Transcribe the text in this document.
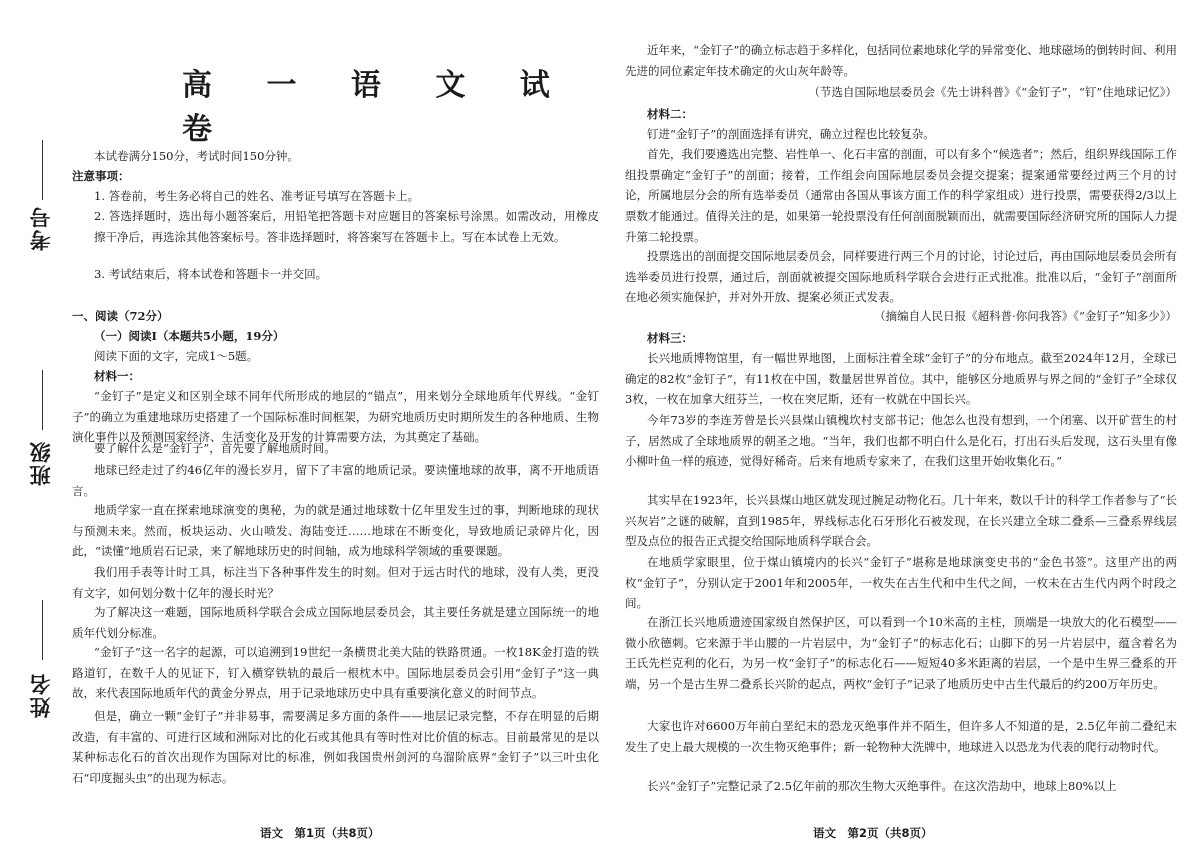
考号
班级
姓名
高 一 语 文 试 卷

本试卷满分150分，考试时间150分钟。

注意事项：

1. 答卷前，考生务必将自己的姓名、准考证号填写在答题卡上。

2. 答选择题时，选出每小题答案后，用铅笔把答题卡对应题目的答案标号涂黑。如需改动，用橡皮擦干净后，再选涂其他答案标号。答非选择题时，将答案写在答题卡上。写在本试卷上无效。

3. 考试结束后，将本试卷和答题卡一并交回。

一、阅读（72分）

（一）阅读Ⅰ（本题共5小题，19分）

阅读下面的文字，完成1～5题。

材料一：

“金钉子”是定义和区别全球不同年代所形成的地层的“锚点”，用来划分全球地质年代界线。“金钉子”的确立为重建地球历史搭建了一个国际标准时间框架，为研究地质历史时期所发生的各种地质、生物演化事件以及预测国家经济、生活变化及开发的计算需要方法，为其奠定了基础。

要了解什么是“金钉子”，首先要了解地质时间。

地球已经走过了约46亿年的漫长岁月，留下了丰富的地质记录。要读懂地球的故事，离不开地质语言。

地质学家一直在探索地球演变的奥秘，为的就是通过地球数十亿年里发生过的事，判断地球的现状与预测未来。然而，板块运动、火山喷发、海陆变迁……地球在不断变化，导致地质记录碎片化，因此，“读懂”地质岩石记录，来了解地球历史的时间轴，成为地球科学领域的重要课题。

我们用手表等计时工具，标注当下各种事件发生的时刻。但对于远古时代的地球，没有人类，更没有文字，如何划分数十亿年的漫长时光？

为了解决这一难题，国际地质科学联合会成立国际地层委员会，其主要任务就是建立国际统一的地质年代划分标准。

“金钉子”这一名字的起源，可以追溯到19世纪一条横贯北美大陆的铁路贯通。一枚18K金打造的铁路道钉，在数千人的见证下，钉入横穿铁轨的最后一根枕木中。国际地层委员会引用“金钉子”这一典故，来代表国际地质年代的黄金分界点，用于记录地球历史中具有重要演化意义的时间节点。

但是，确立一颗“金钉子”并非易事，需要满足多方面的条件——地层记录完整，不存在明显的后期改造，有丰富的、可进行区域和洲际对比的化石或其他具有等时性对比价值的标志。目前最常见的是以某种标志化石的首次出现作为国际对比的标准，例如我国贵州剑河的乌溜阶底界“金钉子”以三叶虫化石“印度掘头虫”的出现为标志。

语文　第1页（共8页）

近年来，“金钉子”的确立标志趋于多样化，包括同位素地球化学的异常变化、地球磁场的倒转时间、利用先进的同位素定年技术确定的火山灰年龄等。

（节选自国际地层委员会《先士讲科普》《“金钉子”，“钉”住地球记忆》）

材料二：

钉进“金钉子”的剖面选择有讲究，确立过程也比较复杂。

首先，我们要遴选出完整、岩性单一、化石丰富的剖面，可以有多个“候选者”；然后，组织界线国际工作组投票确定“金钉子”的剖面；接着，工作组会向国际地层委员会提交提案；提案通常要经过两三个月的讨论，所属地层分会的所有选举委员（通常由各国从事该方面工作的科学家组成）进行投票，需要获得2/3以上票数才能通过。值得关注的是，如果第一轮投票没有任何剖面脱颖而出，就需要国际经济研究所的国际人力提升第二轮投票。

投票选出的剖面提交国际地层委员会，同样要进行两三个月的讨论，讨论过后，再由国际地层委员会所有选举委员进行投票，通过后，剖面就被提交国际地质科学联合会进行正式批准。批准以后，“金钉子”剖面所在地必须实施保护，并对外开放、提案必须正式发表。

（摘编自人民日报《超科普·你问我答》《“金钉子”知多少》）

材料三：

长兴地质博物馆里，有一幅世界地图，上面标注着全球“金钉子”的分布地点。截至2024年12月，全球已确定的82枚“金钉子”，有11枚在中国，数量居世界首位。其中，能够区分地质界与界之间的“金钉子”全球仅3枚，一枚在加拿大纽芬兰，一枚在突尼斯，还有一枚就在中国长兴。

今年73岁的李连芳曾是长兴县煤山镇槐坎村支部书记；他怎么也没有想到，一个闭塞、以开矿营生的村子，居然成了全球地质界的朝圣之地。“当年，我们也都不明白什么是化石，打出石头后发现，这石头里有像小柳叶鱼一样的痕迹，觉得好稀奇。后来有地质专家来了，在我们这里开始收集化石。”

其实早在1923年，长兴县煤山地区就发现过腕足动物化石。几十年来，数以千计的科学工作者参与了“长兴灰岩”之谜的破解，直到1985年，界线标志化石牙形化石被发现，在长兴建立全球二叠系—三叠系界线层型及点位的报告正式提交给国际地质科学联合会。

在地质学家眼里，位于煤山镇境内的长兴“金钉子”堪称是地球演变史书的“金色书签”。这里产出的两枚“金钉子”，分别认定于2001年和2005年，一枚失在古生代和中生代之间，一枚未在古生代内两个时段之间。

在浙江长兴地质遗迹国家级自然保护区，可以看到一个10米高的主柱，顶端是一块放大的化石模型——微小欣德刺。它来源于半山腰的一片岩层中，为“金钉子”的标志化石；山脚下的另一片岩层中，蕴含着名为王氏先栏克利的化石，为另一枚“金钉子”的标志化石——短短40多米距离的岩层，一个是中生界三叠系的开端，另一个是古生界二叠系长兴阶的起点，两枚“金钉子”记录了地质历史中古生代最后的约200万年历史。

大家也许对6600万年前白垩纪末的恐龙灭绝事件并不陌生，但许多人不知道的是，2.5亿年前二叠纪末发生了史上最大规模的一次生物灭绝事件；新一轮物种大洗牌中，地球进入以恐龙为代表的爬行动物时代。

长兴“金钉子”完整记录了2.5亿年前的那次生物大灭绝事件。在这次浩劫中，地球上80%以上

语文　第2页（共8页）
